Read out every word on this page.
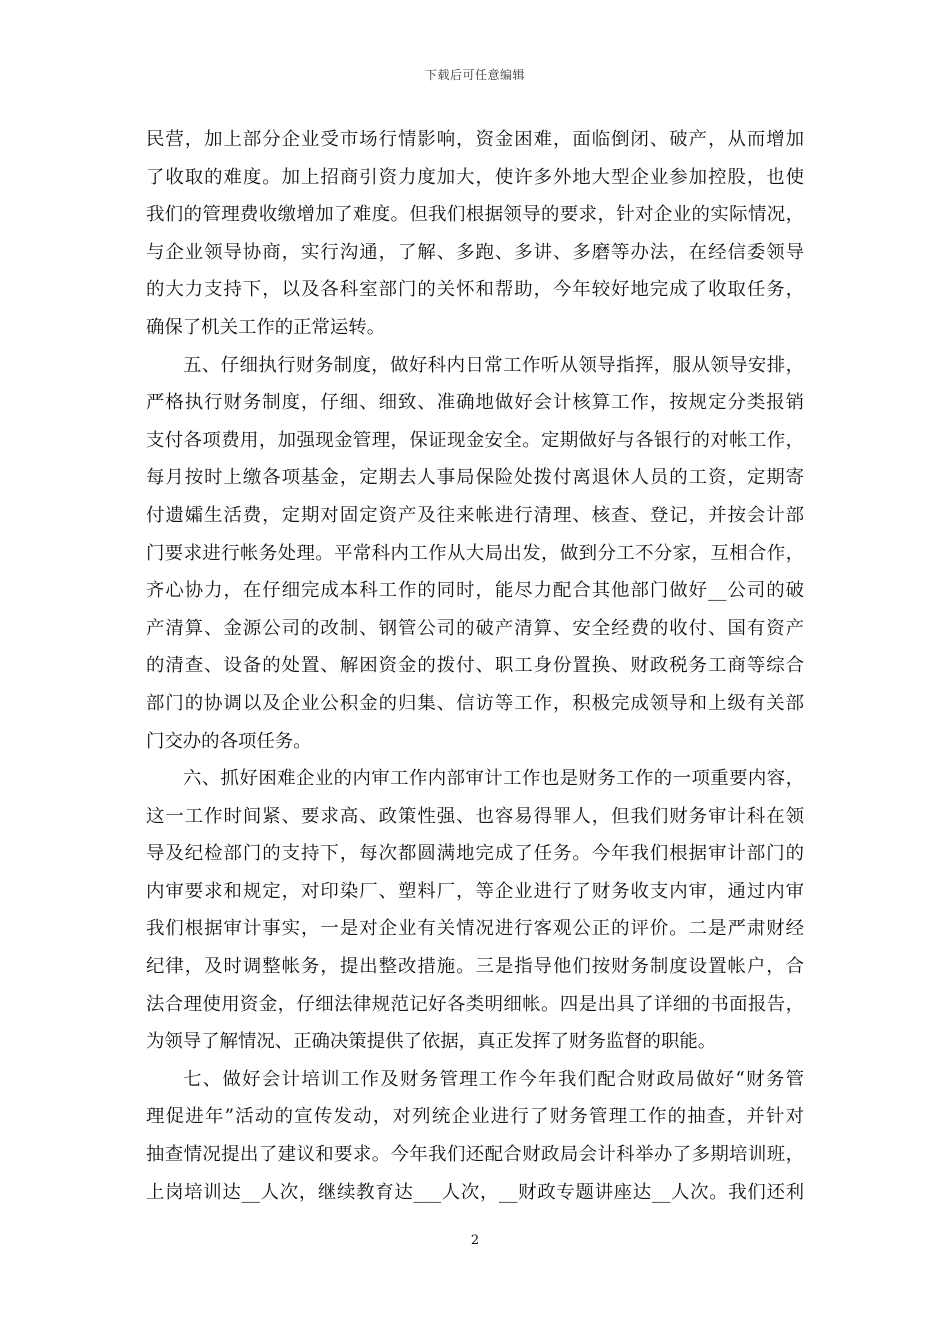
下载后可任意编辑
民营，加上部分企业受市场行情影响，资金困难，面临倒闭、破产，从而增加
了收取的难度。加上招商引资力度加大，使许多外地大型企业参加控股，也使
我们的管理费收缴增加了难度。但我们根据领导的要求，针对企业的实际情况，
与企业领导协商，实行沟通，了解、多跑、多讲、多磨等办法，在经信委领导
的大力支持下，以及各科室部门的关怀和帮助，今年较好地完成了收取任务，
确保了机关工作的正常运转。
五、仔细执行财务制度，做好科内日常工作听从领导指挥，服从领导安排，
严格执行财务制度，仔细、细致、准确地做好会计核算工作，按规定分类报销
支付各项费用，加强现金管理，保证现金安全。定期做好与各银行的对帐工作，
每月按时上缴各项基金，定期去人事局保险处拨付离退休人员的工资，定期寄
付遗孀生活费，定期对固定资产及往来帐进行清理、核查、登记，并按会计部
门要求进行帐务处理。平常科内工作从大局出发，做到分工不分家，互相合作，
齐心协力，在仔细完成本科工作的同时，能尽力配合其他部门做好__公司的破
产清算、金源公司的改制、钢管公司的破产清算、安全经费的收付、国有资产
的清查、设备的处置、解困资金的拨付、职工身份置换、财政税务工商等综合
部门的协调以及企业公积金的归集、信访等工作，积极完成领导和上级有关部
门交办的各项任务。
六、抓好困难企业的内审工作内部审计工作也是财务工作的一项重要内容，
这一工作时间紧、要求高、政策性强、也容易得罪人，但我们财务审计科在领
导及纪检部门的支持下，每次都圆满地完成了任务。今年我们根据审计部门的
内审要求和规定，对印染厂、塑料厂，等企业进行了财务收支内审，通过内审
我们根据审计事实，一是对企业有关情况进行客观公正的评价。二是严肃财经
纪律，及时调整帐务，提出整改措施。三是指导他们按财务制度设置帐户，合
法合理使用资金，仔细法律规范记好各类明细帐。四是出具了详细的书面报告，
为领导了解情况、正确决策提供了依据，真正发挥了财务监督的职能。
七、做好会计培训工作及财务管理工作今年我们配合财政局做好“财务管
理促进年”活动的宣传发动，对列统企业进行了财务管理工作的抽查，并针对
抽查情况提出了建议和要求。今年我们还配合财政局会计科举办了多期培训班，
上岗培训达__人次，继续教育达___人次，__财政专题讲座达__人次。我们还利
2
